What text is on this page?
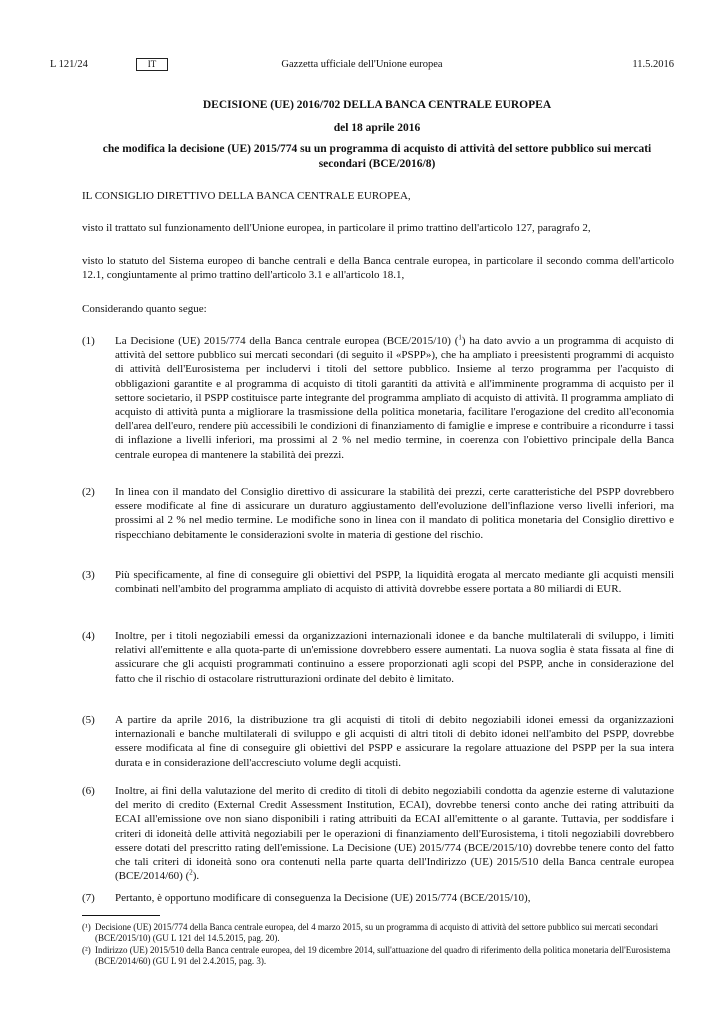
L 121/24	IT	Gazzetta ufficiale dell'Unione europea	11.5.2016
DECISIONE (UE) 2016/702 DELLA BANCA CENTRALE EUROPEA
del 18 aprile 2016
che modifica la decisione (UE) 2015/774 su un programma di acquisto di attività del settore pubblico sui mercati secondari (BCE/2016/8)

IL CONSIGLIO DIRETTIVO DELLA BANCA CENTRALE EUROPEA,

visto il trattato sul funzionamento dell'Unione europea, in particolare il primo trattino dell'articolo 127, paragrafo 2,

visto lo statuto del Sistema europeo di banche centrali e della Banca centrale europea, in particolare il secondo comma dell'articolo 12.1, congiuntamente al primo trattino dell'articolo 3.1 e all'articolo 18.1,

Considerando quanto segue:

(1) La Decisione (UE) 2015/774 della Banca centrale europea (BCE/2015/10) ($^1$) ha dato avvio a un programma di acquisto di attività del settore pubblico sui mercati secondari (di seguito il «PSPP»), che ha ampliato i preesistenti programmi di acquisto di attività dell'Eurosistema per includervi i titoli del settore pubblico. Insieme al terzo programma per l'acquisto di obbligazioni garantite e al programma di acquisto di titoli garantiti da attività e all'imminente programma di acquisto per il settore societario, il PSPP costituisce parte integrante del programma ampliato di acquisto di attività. Il programma ampliato di acquisto di attività punta a migliorare la trasmissione della politica monetaria, facilitare l'erogazione del credito all'economia dell'area dell'euro, rendere più accessibili le condizioni di finanziamento di famiglie e imprese e contribuire a ricondurre i tassi di inflazione a livelli inferiori, ma prossimi al 2 % nel medio termine, in coerenza con l'obiettivo principale della Banca centrale europea di mantenere la stabilità dei prezzi.
(2) In linea con il mandato del Consiglio direttivo di assicurare la stabilità dei prezzi, certe caratteristiche del PSPP dovrebbero essere modificate al fine di assicurare un duraturo aggiustamento dell'evoluzione dell'inflazione verso livelli inferiori, ma prossimi al 2 % nel medio termine. Le modifiche sono in linea con il mandato di politica monetaria del Consiglio direttivo e rispecchiano debitamente le considerazioni svolte in materia di gestione del rischio.
(3) Più specificamente, al fine di conseguire gli obiettivi del PSPP, la liquidità erogata al mercato mediante gli acquisti mensili combinati nell'ambito del programma ampliato di acquisto di attività dovrebbe essere portata a 80 miliardi di EUR.
(4) Inoltre, per i titoli negoziabili emessi da organizzazioni internazionali idonee e da banche multilaterali di sviluppo, i limiti relativi all'emittente e alla quota-parte di un'emissione dovrebbero essere aumentati. La nuova soglia è stata fissata al fine di assicurare che gli acquisti programmati continuino a essere proporzionati agli scopi del PSPP, anche in considerazione del fatto che il rischio di ostacolare ristrutturazioni ordinate del debito è limitato.
(5) A partire da aprile 2016, la distribuzione tra gli acquisti di titoli di debito negoziabili idonei emessi da organizzazioni internazionali e banche multilaterali di sviluppo e gli acquisti di altri titoli di debito idonei nell'ambito del PSPP, dovrebbe essere modificata al fine di conseguire gli obiettivi del PSPP e assicurare la regolare attuazione del PSPP per la sua intera durata e in considerazione dell'accresciuto volume degli acquisti.
(6) Inoltre, ai fini della valutazione del merito di credito di titoli di debito negoziabili condotta da agenzie esterne di valutazione del merito di credito (External Credit Assessment Institution, ECAI), dovrebbe tenersi conto anche dei rating attribuiti da ECAI all'emissione ove non siano disponibili i rating attribuiti da ECAI all'emittente o al garante. Tuttavia, per soddisfare i criteri di idoneità delle attività negoziabili per le operazioni di finanziamento dell'Eurosistema, i titoli negoziabili dovrebbero essere dotati del prescritto rating dell'emissione. La Decisione (UE) 2015/774 (BCE/2015/10) dovrebbe tenere conto del fatto che tali criteri di idoneità sono ora contenuti nella parte quarta dell'Indirizzo (UE) 2015/510 della Banca centrale europea (BCE/2014/60) ($^2$).
(7) Pertanto, è opportuno modificare di conseguenza la Decisione (UE) 2015/774 (BCE/2015/10),
(¹) Decisione (UE) 2015/774 della Banca centrale europea, del 4 marzo 2015, su un programma di acquisto di attività del settore pubblico sui mercati secondari (BCE/2015/10) (GU L 121 del 14.5.2015, pag. 20).
(²) Indirizzo (UE) 2015/510 della Banca centrale europea, del 19 dicembre 2014, sull'attuazione del quadro di riferimento della politica monetaria dell'Eurosistema (BCE/2014/60) (GU L 91 del 2.4.2015, pag. 3).
